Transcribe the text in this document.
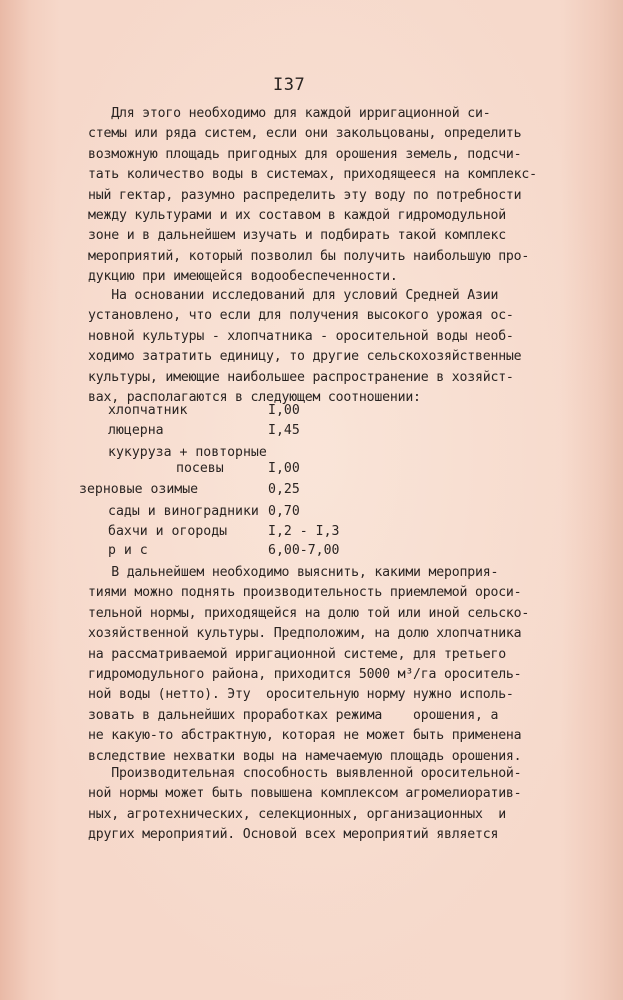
I37
Для этого необходимо для каждой ирригационной си-
стемы или ряда систем, если они закольцованы, определить
возможную площадь пригодных для орошения земель, подсчи-
тать количество воды в системах, приходящееся на комплекс-
ный гектар, разумно распределить эту воду по потребности
между культурами и их составом в каждой гидромодульной
зоне и в дальнейшем изучать и подбирать такой комплекс
мероприятий, который позволил бы получить наибольшую про-
дукцию при имеющейся водообеспеченности.
На основании исследований для условий Средней Азии
установлено, что если для получения высокого урожая ос-
новной культуры - хлопчатника - оросительной воды необ-
ходимо затратить единицу, то другие сельскохозяйственные
культуры, имеющие наибольшее распространение в хозяйст-
вах, располагаются в следующем соотношении:
хлопчатник	I,00
люцерна	I,45
кукуруза + повторные
посевы	I,00
зерновые озимые	0,25
сады и виноградники 0,70
бахчи и огороды	I,2 - I,3
р и с	6,00-7,00
В дальнейшем необходимо выяснить, какими мероприя-
тиями можно поднять производительность приемлемой ороси-
тельной нормы, приходящейся на долю той или иной сельско-
хозяйственной культуры. Предположим, на долю хлопчатника
на рассматриваемой ирригационной системе, для третьего
гидромодульного района, приходится 5000 м³/га ороситель-
ной воды (нетто). Эту  оросительную норму нужно исполь-
зовать в дальнейших проработках режима    орошения, а
не какую-то абстрактную, которая не может быть применена
вследствие нехватки воды на намечаемую площадь орошения.
Производительная способность выявленной оросительной-
ной нормы может быть повышена комплексом агромелиоратив-
ных, агротехнических, селекционных, организационных  и
других мероприятий. Основой всех мероприятий является
